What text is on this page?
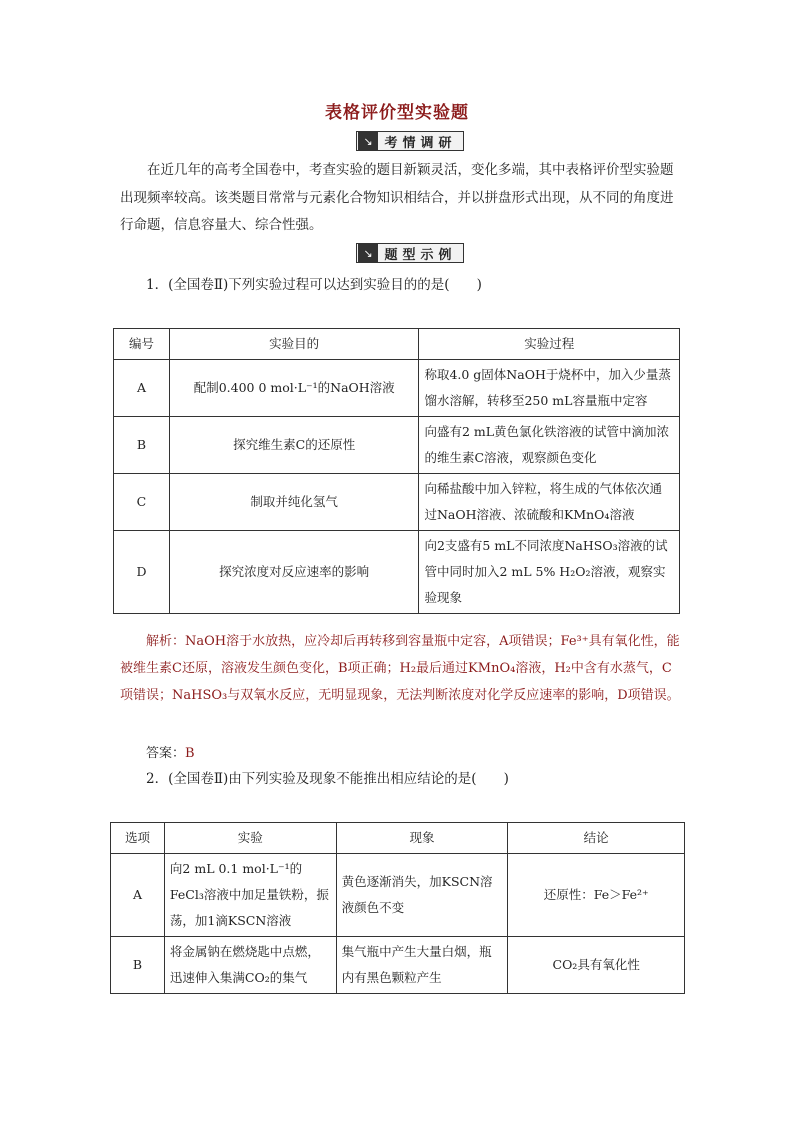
表格评价型实验题
↘ 考情调研
在近几年的高考全国卷中，考查实验的题目新颖灵活，变化多端，其中表格评价型实验题出现频率较高。该类题目常常与元素化合物知识相结合，并以拼盘形式出现，从不同的角度进行命题，信息容量大、综合性强。
↘ 题型示例
1．(全国卷Ⅱ)下列实验过程可以达到实验目的的是(　　)
编号	实验目的	实验过程
A	配制0.400 0 mol·L⁻¹的NaOH溶液	称取4.0 g固体NaOH于烧杯中，加入少量蒸馏水溶解，转移至250 mL容量瓶中定容
B	探究维生素C的还原性	向盛有2 mL黄色氯化铁溶液的试管中滴加浓的维生素C溶液，观察颜色变化
C	制取并纯化氢气	向稀盐酸中加入锌粒，将生成的气体依次通过NaOH溶液、浓硫酸和KMnO₄溶液
D	探究浓度对反应速率的影响	向2支盛有5 mL不同浓度NaHSO₃溶液的试管中同时加入2 mL 5% H₂O₂溶液，观察实验现象
解析：NaOH溶于水放热，应冷却后再转移到容量瓶中定容，A项错误；Fe³⁺具有氧化性，能被维生素C还原，溶液发生颜色变化，B项正确；H₂最后通过KMnO₄溶液，H₂中含有水蒸气，C项错误；NaHSO₃与双氧水反应，无明显现象，无法判断浓度对化学反应速率的影响，D项错误。
答案：B
2．(全国卷Ⅱ)由下列实验及现象不能推出相应结论的是(　　)
选项	实验	现象	结论
A	向2 mL 0.1 mol·L⁻¹的FeCl₃溶液中加足量铁粉，振荡，加1滴KSCN溶液	黄色逐渐消失，加KSCN溶液颜色不变	还原性：Fe＞Fe²⁺
B	将金属钠在燃烧匙中点燃，迅速伸入集满CO₂的集气	集气瓶中产生大量白烟，瓶内有黑色颗粒产生	CO₂具有氧化性
